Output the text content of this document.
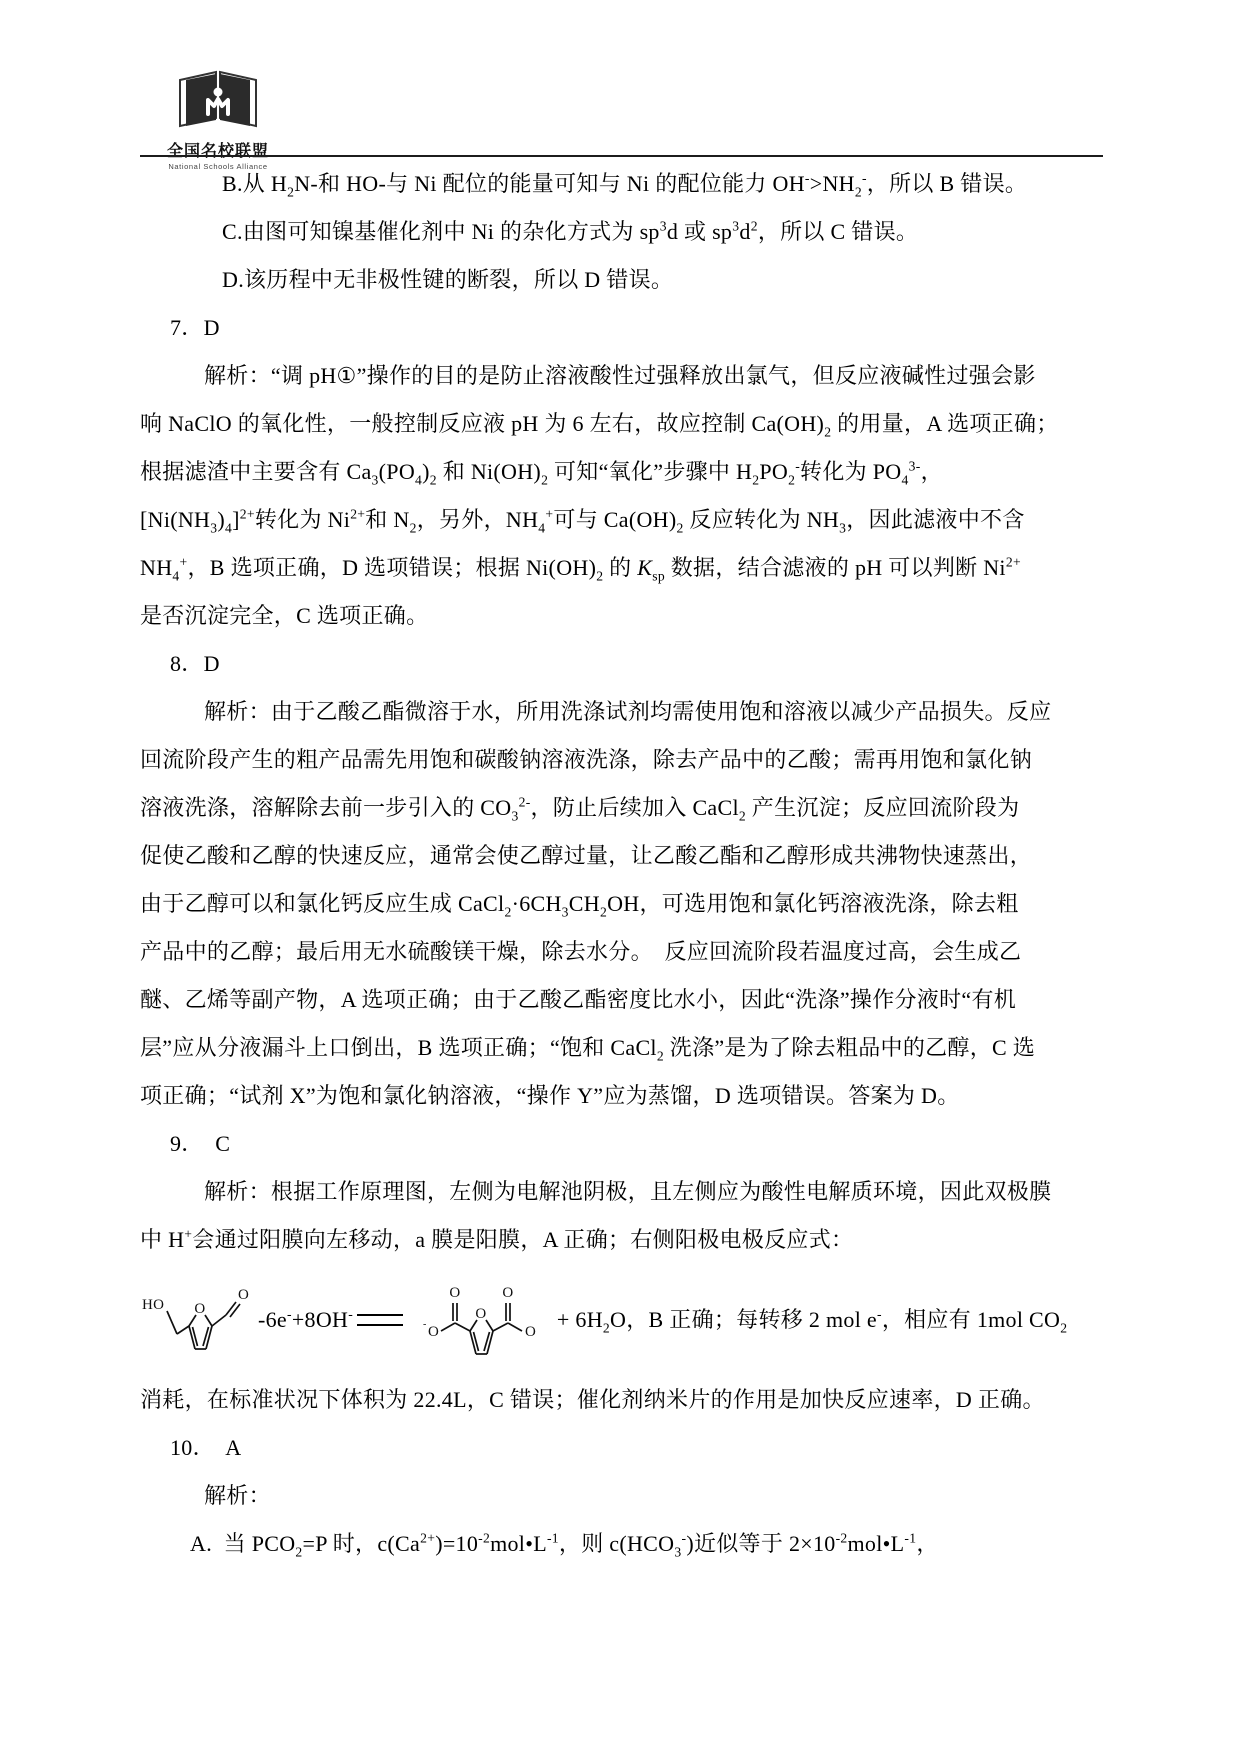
全国名校联盟
National Schools Alliance
B.从 $H_2N-$和 HO-与 Ni 配位的能量可知与 Ni 的配位能力 $OH^->NH_2^-$，所以 B 错误。
C.由图可知镍基催化剂中 Ni 的杂化方式为 $sp^3d$ 或 $sp^3d^2$，所以 C 错误。
D.该历程中无非极性键的断裂，所以 D 错误。
7．D
解析：“调 pH①”操作的目的是防止溶液酸性过强释放出氯气，但反应液碱性过强会影
响 NaClO 的氧化性，一般控制反应液 pH 为 6 左右，故应控制 $Ca(OH)_2$ 的用量，A 选项正确；
根据滤渣中主要含有 $Ca_3(PO_4)_2$ 和 $Ni(OH)_2$ 可知“氧化”步骤中 $H_2PO_2^-$转化为 $PO_4^{3-}$，
$[Ni(NH_3)_4]^{2+}$转化为 $Ni^{2+}$和 $N_2$，另外，$NH_4^+$可与 $Ca(OH)_2$ 反应转化为 $NH_3$，因此滤液中不含
$NH_4^+$，B 选项正确，D 选项错误；根据 $Ni(OH)_2$ 的 $K_{sp}$ 数据，结合滤液的 pH 可以判断 $Ni^{2+}$
是否沉淀完全，C 选项正确。
8．D
解析：由于乙酸乙酯微溶于水，所用洗涤试剂均需使用饱和溶液以减少产品损失。反应
回流阶段产生的粗产品需先用饱和碳酸钠溶液洗涤，除去产品中的乙酸；需再用饱和氯化钠
溶液洗涤，溶解除去前一步引入的 $CO_3^{2-}$，防止后续加入 CaCl$_2$ 产生沉淀；反应回流阶段为
促使乙酸和乙醇的快速反应，通常会使乙醇过量，让乙酸乙酯和乙醇形成共沸物快速蒸出，
由于乙醇可以和氯化钙反应生成 $CaCl_2\cdot 6CH_3CH_2OH$，可选用饱和氯化钙溶液洗涤，除去粗
产品中的乙醇；最后用无水硫酸镁干燥，除去水分。  反应回流阶段若温度过高，会生成乙
醚、乙烯等副产物，A 选项正确；由于乙酸乙酯密度比水小，因此“洗涤”操作分液时“有机
层”应从分液漏斗上口倒出，B 选项正确；“饱和 CaCl$_2$ 洗涤”是为了除去粗品中的乙醇，C 选
项正确；“试剂 X”为饱和氯化钠溶液，“操作 Y”应为蒸馏，D 选项错误。答案为 D。
9．  C
解析：根据工作原理图，左侧为电解池阴极，且左侧应为酸性电解质环境，因此双极膜
中 H+会通过阳膜向左移动，a 膜是阳膜，A 正确；右侧阳极电极反应式：
HO O
O
-6e-+8OH-	O
O
- O
O
$O + 6H_2O$，B 正确；每转移 2 mol e-，相应有 1mol $CO_2$
消耗，在标准状况下体积为 22.4L，C 错误；催化剂纳米片的作用是加快反应速率，D 正确。
10．  A
解析：
A.  当 $PCO_2=P$ 时，$c(Ca^{2+})=10^{-2}mol•L^{-1}$，则 $c(HCO_3^-)$近似等于 $2\times 10^{-2}mol•L^{-1}$，
